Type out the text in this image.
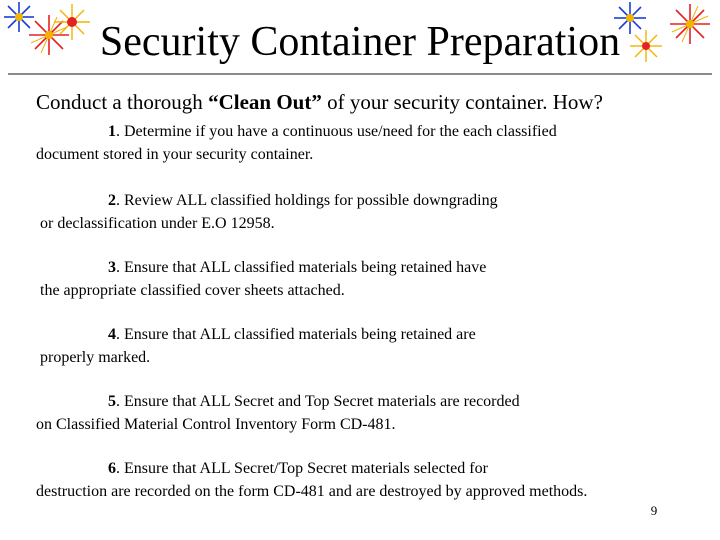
Security Container Preparation
Conduct a thorough “Clean Out” of your security container. How?
1. Determine if you have a continuous use/need for the each classified
document stored in your security container.
2. Review ALL classified holdings for possible downgrading
or declassification under E.O 12958.
3. Ensure that ALL classified materials being retained have
the appropriate classified cover sheets attached.
4. Ensure that ALL classified materials being retained are
properly marked.
5. Ensure that ALL Secret and Top Secret materials are recorded
on Classified Material Control Inventory Form CD-481.
6. Ensure that ALL Secret/Top Secret materials selected for
destruction are recorded on the form CD-481 and are destroyed by approved methods.
9
